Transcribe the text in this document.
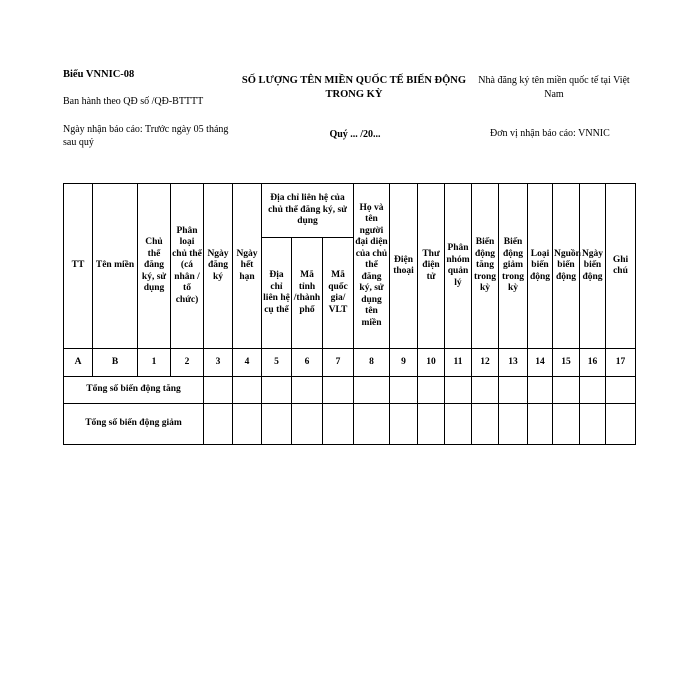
Biểu VNNIC-08
Ban hành theo QĐ số /QĐ-BTTTT
Ngày nhận báo cáo: Trước ngày 05 tháng sau quý
SỐ LƯỢNG TÊN MIỀN QUỐC TẾ BIẾN ĐỘNG TRONG KỲ
Quý ... /20...
Nhà đăng ký tên miền quốc tế tại Việt Nam
Đơn vị nhận báo cáo: VNNIC
TT	Tên miền	Chủ thể đăng ký, sử dụng	Phân loại chủ thể (cá nhân / tổ chức)	Ngày đăng ký	Ngày hết hạn	Địa chỉ liên hệ của chủ thể đăng ký, sử dụng			Họ và tên người đại diện của chủ thể đăng ký, sử dụng tên miền	Điện thoại	Thư điện tử	Phân nhóm quản lý	Biến động tăng trong kỳ	Biến động giảm trong kỳ	Loại biến động	Nguồn biến động	Ngày biến động	Ghi chú
						Địa chỉ liên hệ cụ thể	Mã tỉnh /thành phố	Mã quốc gia/ VLT										
A	B	1	2	3	4	5	6	7	8	9	10	11	12	13	14	15	16	17
Tổng số biến động tăng																		
Tổng số biến động giảm																		
